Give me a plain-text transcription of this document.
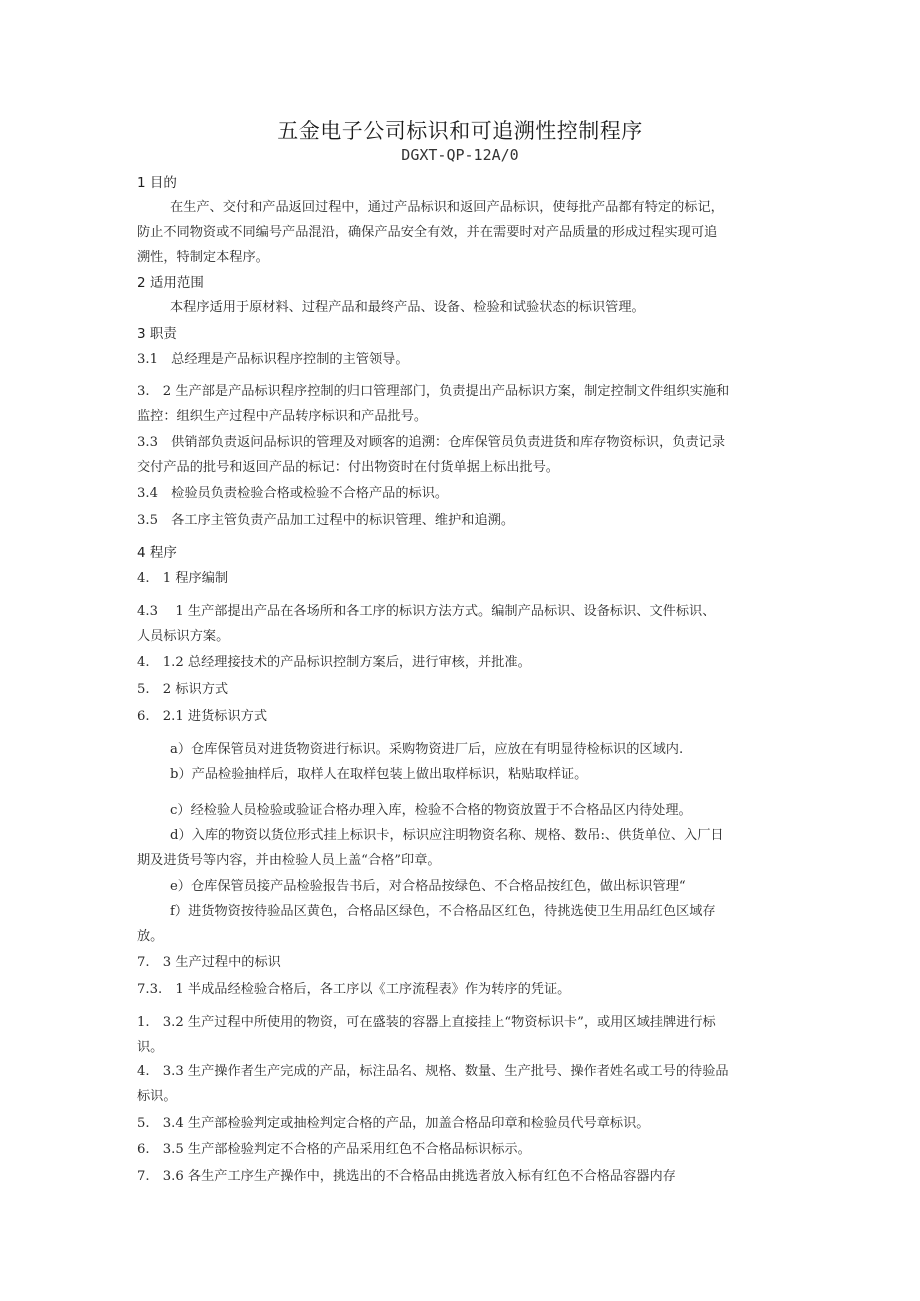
五金电子公司标识和可追溯性控制程序
DGXT-QP-12A/0
1 目的
在生产、交付和产品返回过程中，通过产品标识和返回产品标识，使每批产品都有特定的标记，
防止不同物资或不同编号产品混沿，确保产品安全有效，并在需要时对产品质量的形成过程实现可追
溯性，特制定本程序。
2 适用范围
本程序适用于原材料、过程产品和最终产品、设备、检验和试验状态的标识管理。
3 职责
3.1　总经理是产品标识程序控制的主管领导。
3.　2 生产部是产品标识程序控制的归口管理部门，负责提出产品标识方案，制定控制文件组织实施和
监控：组织生产过程中产品转序标识和产品批号。
3.3　供销部负责返问品标识的管理及对顾客的追溯：仓库保管员负责进货和库存物资标识，负责记录
交付产品的批号和返回产品的标记：付出物资时在付货单据上标出批号。
3.4　检验员负责检验合格或检验不合格产品的标识。
3.5　各工序主管负责产品加工过程中的标识管理、维护和追溯。
4 程序
4.　1 程序编制
4.3　 1 生产部提出产品在各场所和各工序的标识方法方式。编制产品标识、设备标识、文件标识、
人员标识方案。
4.　1.2 总经理接技术的产品标识控制方案后，进行审核，并批准。
5.　2 标识方式
6.　2.1 进货标识方式
a）仓库保管员对进货物资进行标识。采购物资进厂后，应放在有明显待检标识的区域内.
b）产品检验抽样后，取样人在取样包装上做出取样标识，粘贴取样证。
c）经检验人员检验或验证合格办理入库，检验不合格的物资放置于不合格品区内待处理。
d）入库的物资以货位形式挂上标识卡，标识应注明物资名称、规格、数吊:、供货单位、入厂日
期及进货号等内容，并由检验人员上盖“合格”印章。
e）仓库保管员接产品检验报告书后，对合格品按绿色、不合格品按红色，做出标识管理“
f）进货物资按待验品区黄色，合格品区绿色，不合格品区红色，待挑选使卫生用品红色区域存
放。
7.　3 生产过程中的标识
7.3.　1 半成品经检验合格后，各工序以《工序流程表》作为转序的凭证。
1.　3.2 生产过程中所使用的物资，可在盛装的容器上直接挂上“物资标识卡”，或用区域挂牌进行标
识。
4.　3.3 生产操作者生产完成的产品，标注品名、规格、数量、生产批号、操作者姓名或工号的待验品
标识。
5.　3.4 生产部检验判定或抽检判定合格的产品，加盖合格品印章和检验员代号章标识。
6.　3.5 生产部检验判定不合格的产品采用红色不合格品标识标示。
7.　3.6 各生产工序生产操作中，挑选出的不合格品由挑选者放入标有红色不合格品容器内存
